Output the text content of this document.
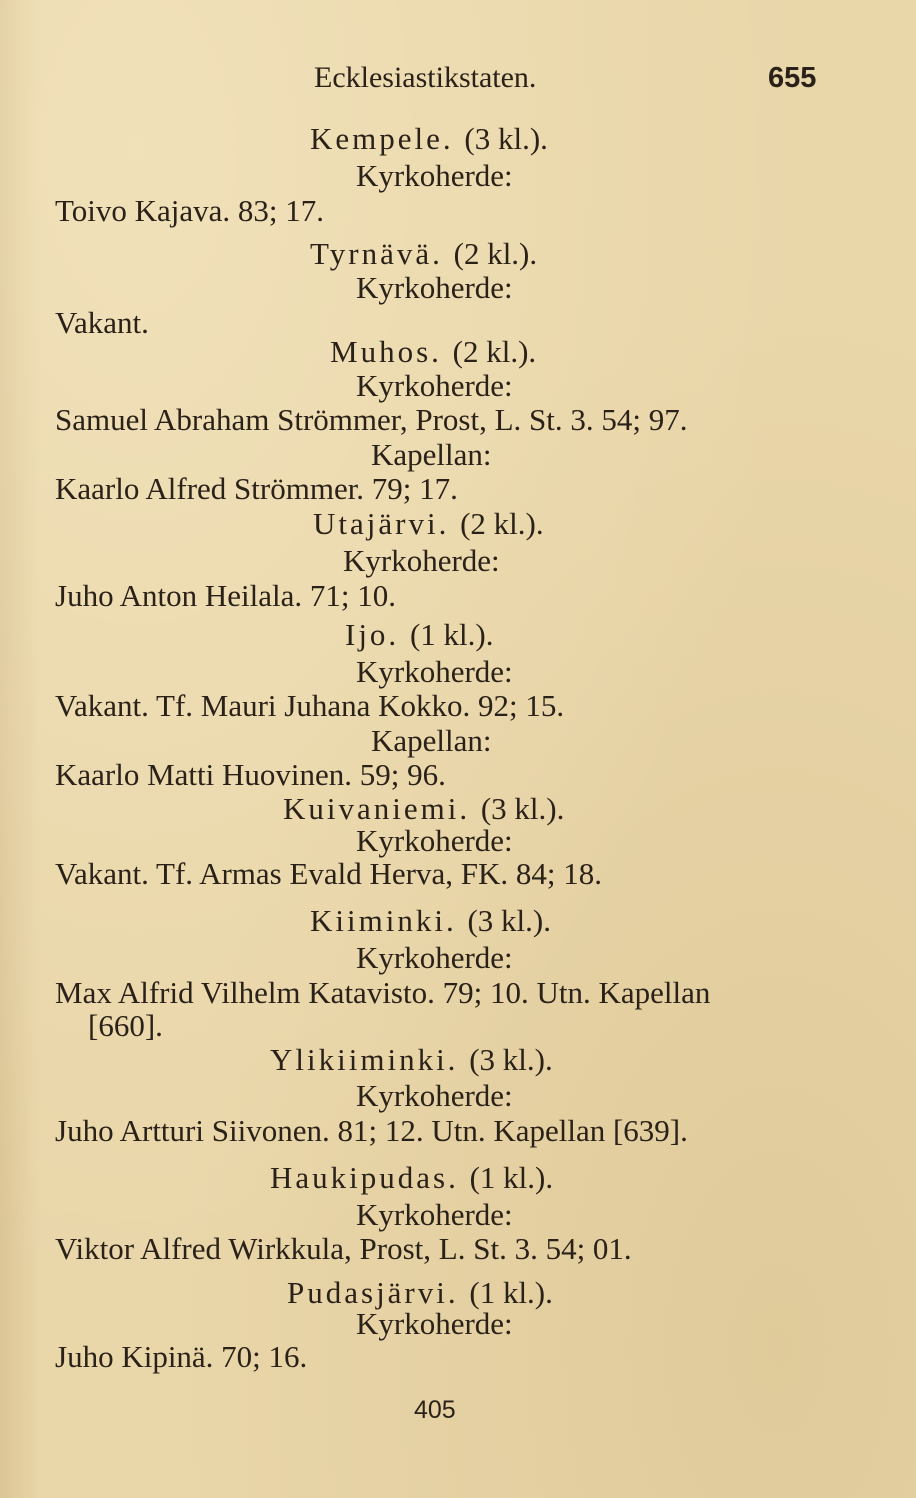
Ecklesiastikstaten.	655
Kempele. (3 kl.).
Kyrkoherde:
Toivo Kajava. 83; 17.
Tyrnävä. (2 kl.).
Kyrkoherde:
Vakant.
Muhos. (2 kl.).
Kyrkoherde:
Samuel Abraham Strömmer, Prost, L. St. 3. 54; 97.
Kapellan:
Kaarlo Alfred Strömmer. 79; 17.
Utajärvi. (2 kl.).
Kyrkoherde:
Juho Anton Heilala. 71; 10.
Ijo. (1 kl.).
Kyrkoherde:
Vakant. Tf. Mauri Juhana Kokko. 92; 15.
Kapellan:
Kaarlo Matti Huovinen. 59; 96.
Kuivaniemi. (3 kl.).
Kyrkoherde:
Vakant. Tf. Armas Evald Herva, FK. 84; 18.
Kiiminki. (3 kl.).
Kyrkoherde:
Max Alfrid Vilhelm Katavisto. 79; 10. Utn. Kapellan
[660].
Ylikiiminki. (3 kl.).
Kyrkoherde:
Juho Artturi Siivonen. 81; 12. Utn. Kapellan [639].
Haukipudas. (1 kl.).
Kyrkoherde:
Viktor Alfred Wirkkula, Prost, L. St. 3. 54; 01.
Pudasjärvi. (1 kl.).
Kyrkoherde:
Juho Kipinä. 70; 16.
405
